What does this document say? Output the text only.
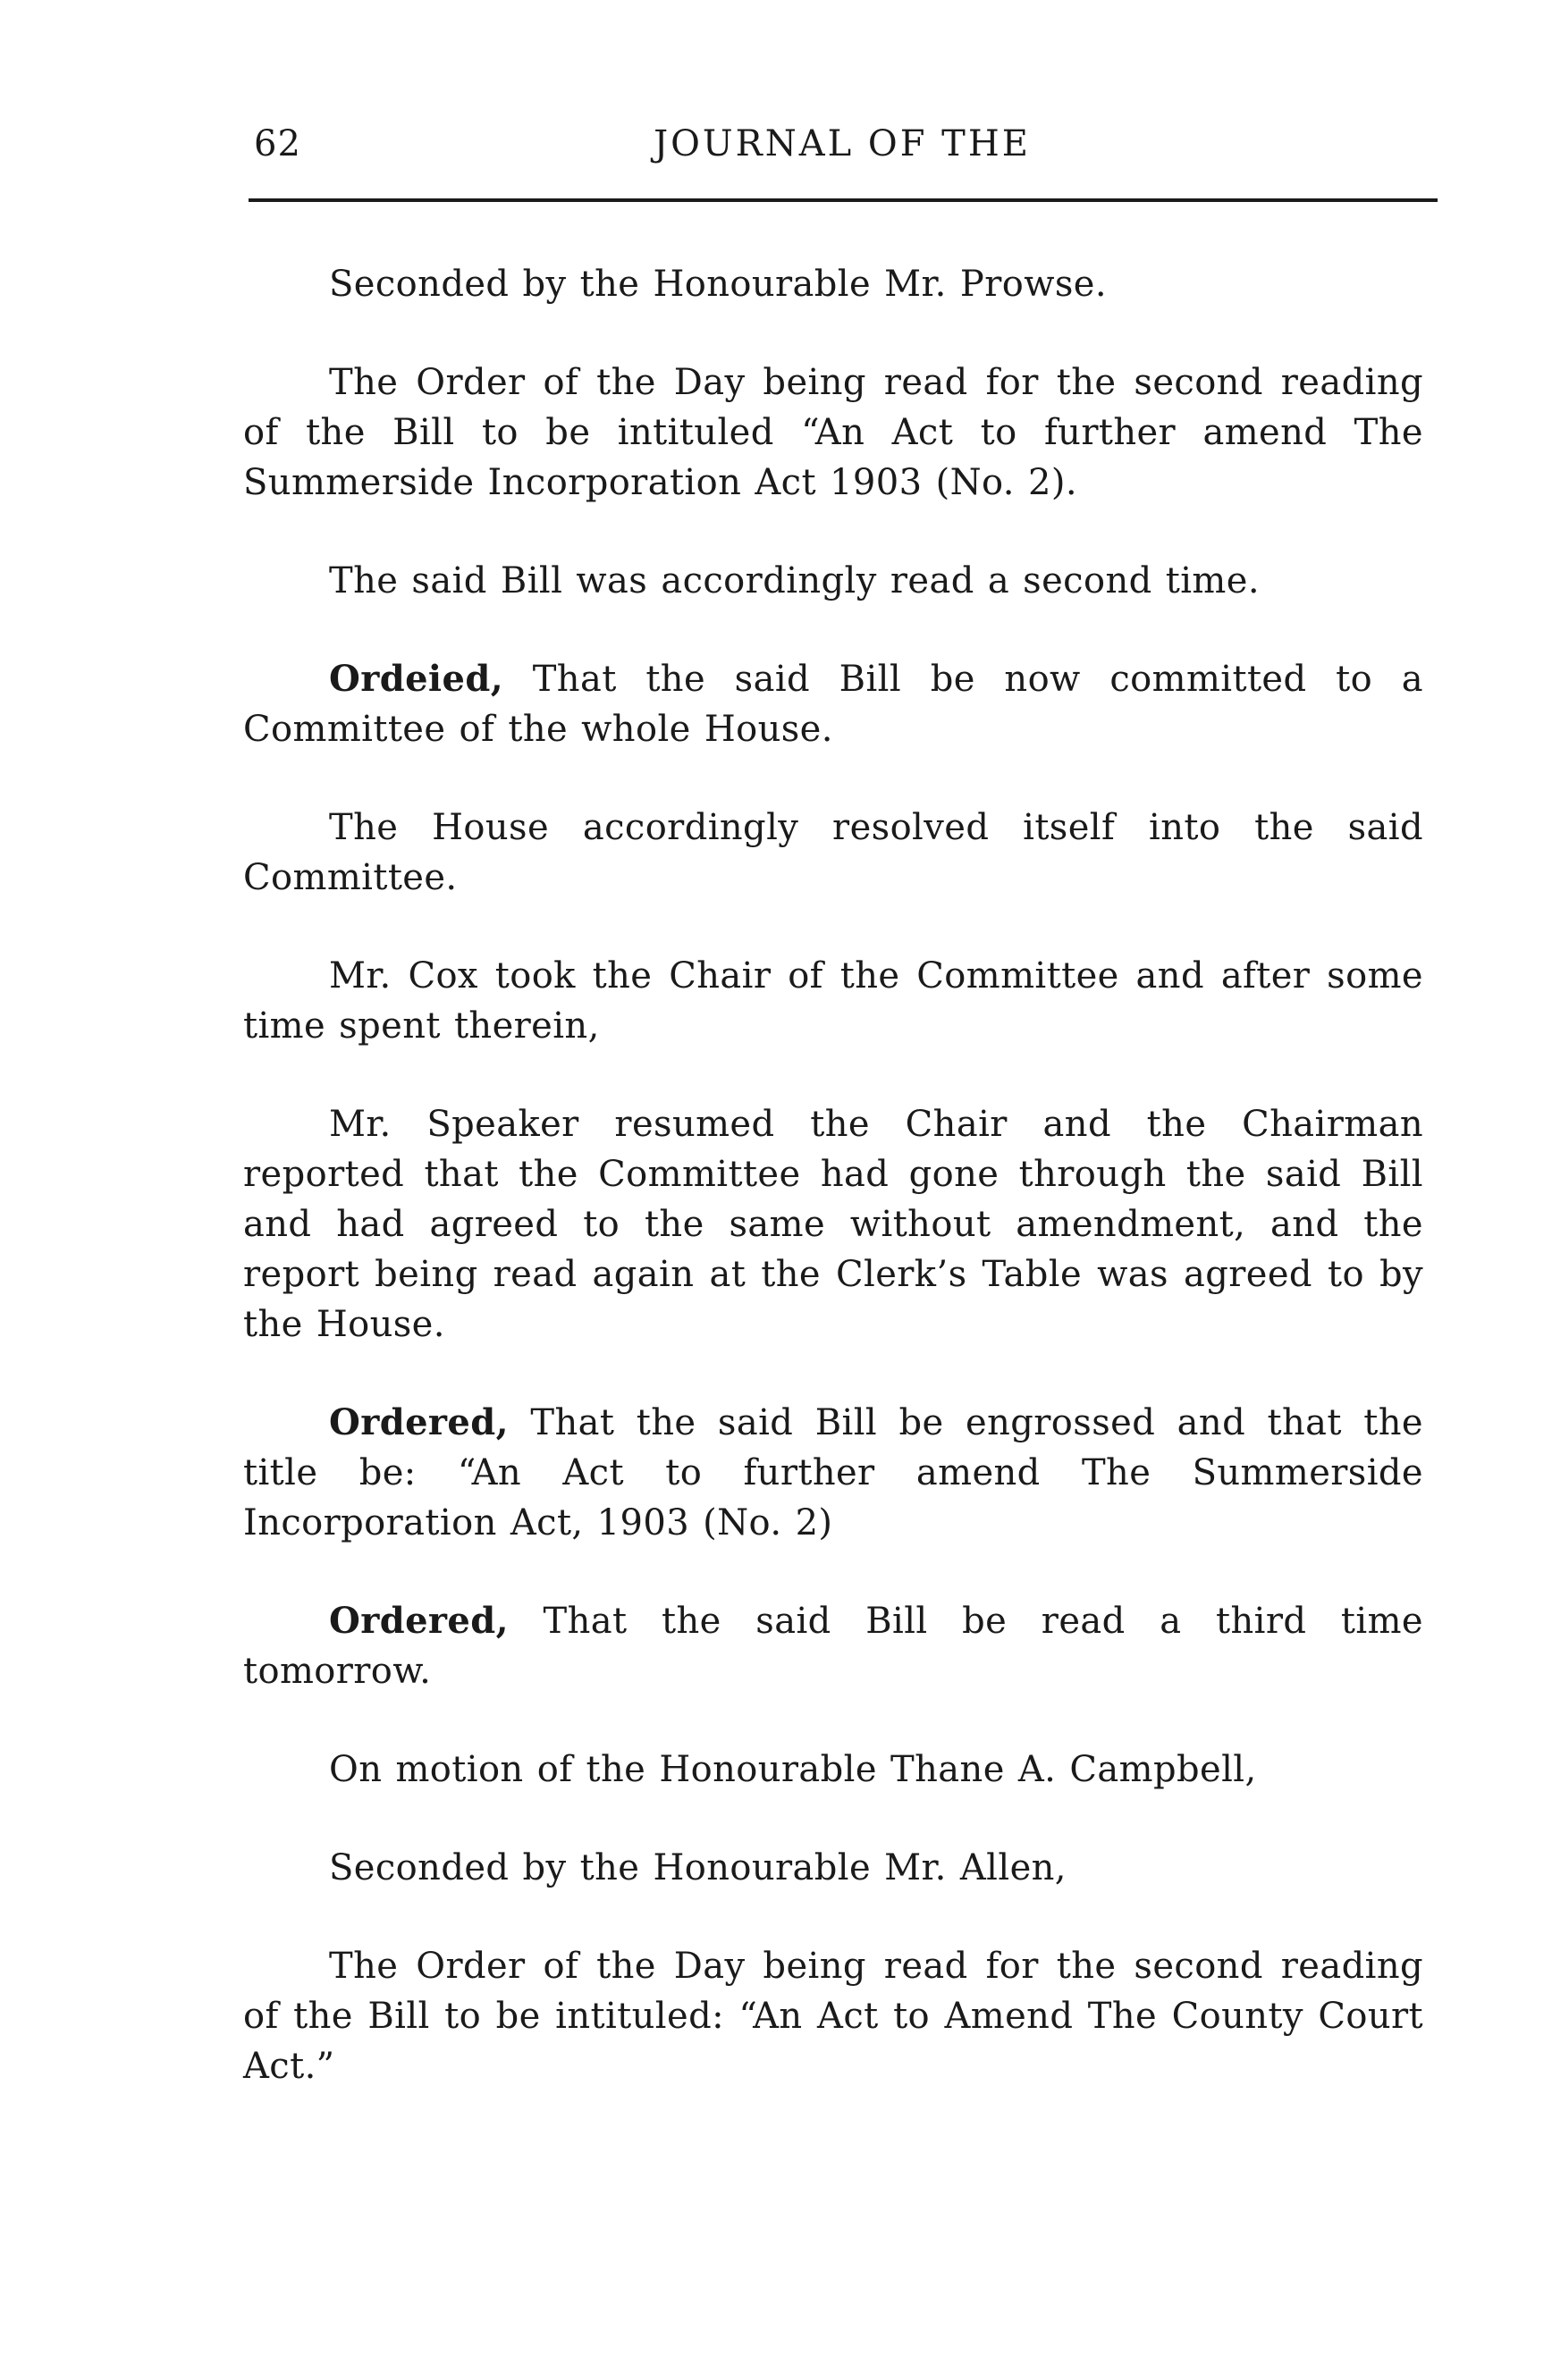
JOURNAL OF THE
62

Seconded by the Honourable Mr. Prowse.

The Order of the Day being read for the second reading of the Bill to be intituled “An Act to further amend The Summerside Incorporation Act 1903 (No. 2).

The said Bill was accordingly read a second time.

Ordeied, That the said Bill be now committed to a Committee of the whole House.

The House accordingly resolved itself into the said Committee.

Mr. Cox took the Chair of the Committee and after some time spent therein,

Mr. Speaker resumed the Chair and the Chairman reported that the Committee had gone through the said Bill and had agreed to the same without amendment, and the report being read again at the Clerk’s Table was agreed to by the House.

Ordered, That the said Bill be engrossed and that the title be: “An Act to further amend The Summerside Incorporation Act, 1903 (No. 2)

Ordered, That the said Bill be read a third time tomorrow.

On motion of the Honourable Thane A. Campbell,

Seconded by the Honourable Mr. Allen,

The Order of the Day being read for the second reading of the Bill to be intituled: “An Act to Amend The County Court Act.”
